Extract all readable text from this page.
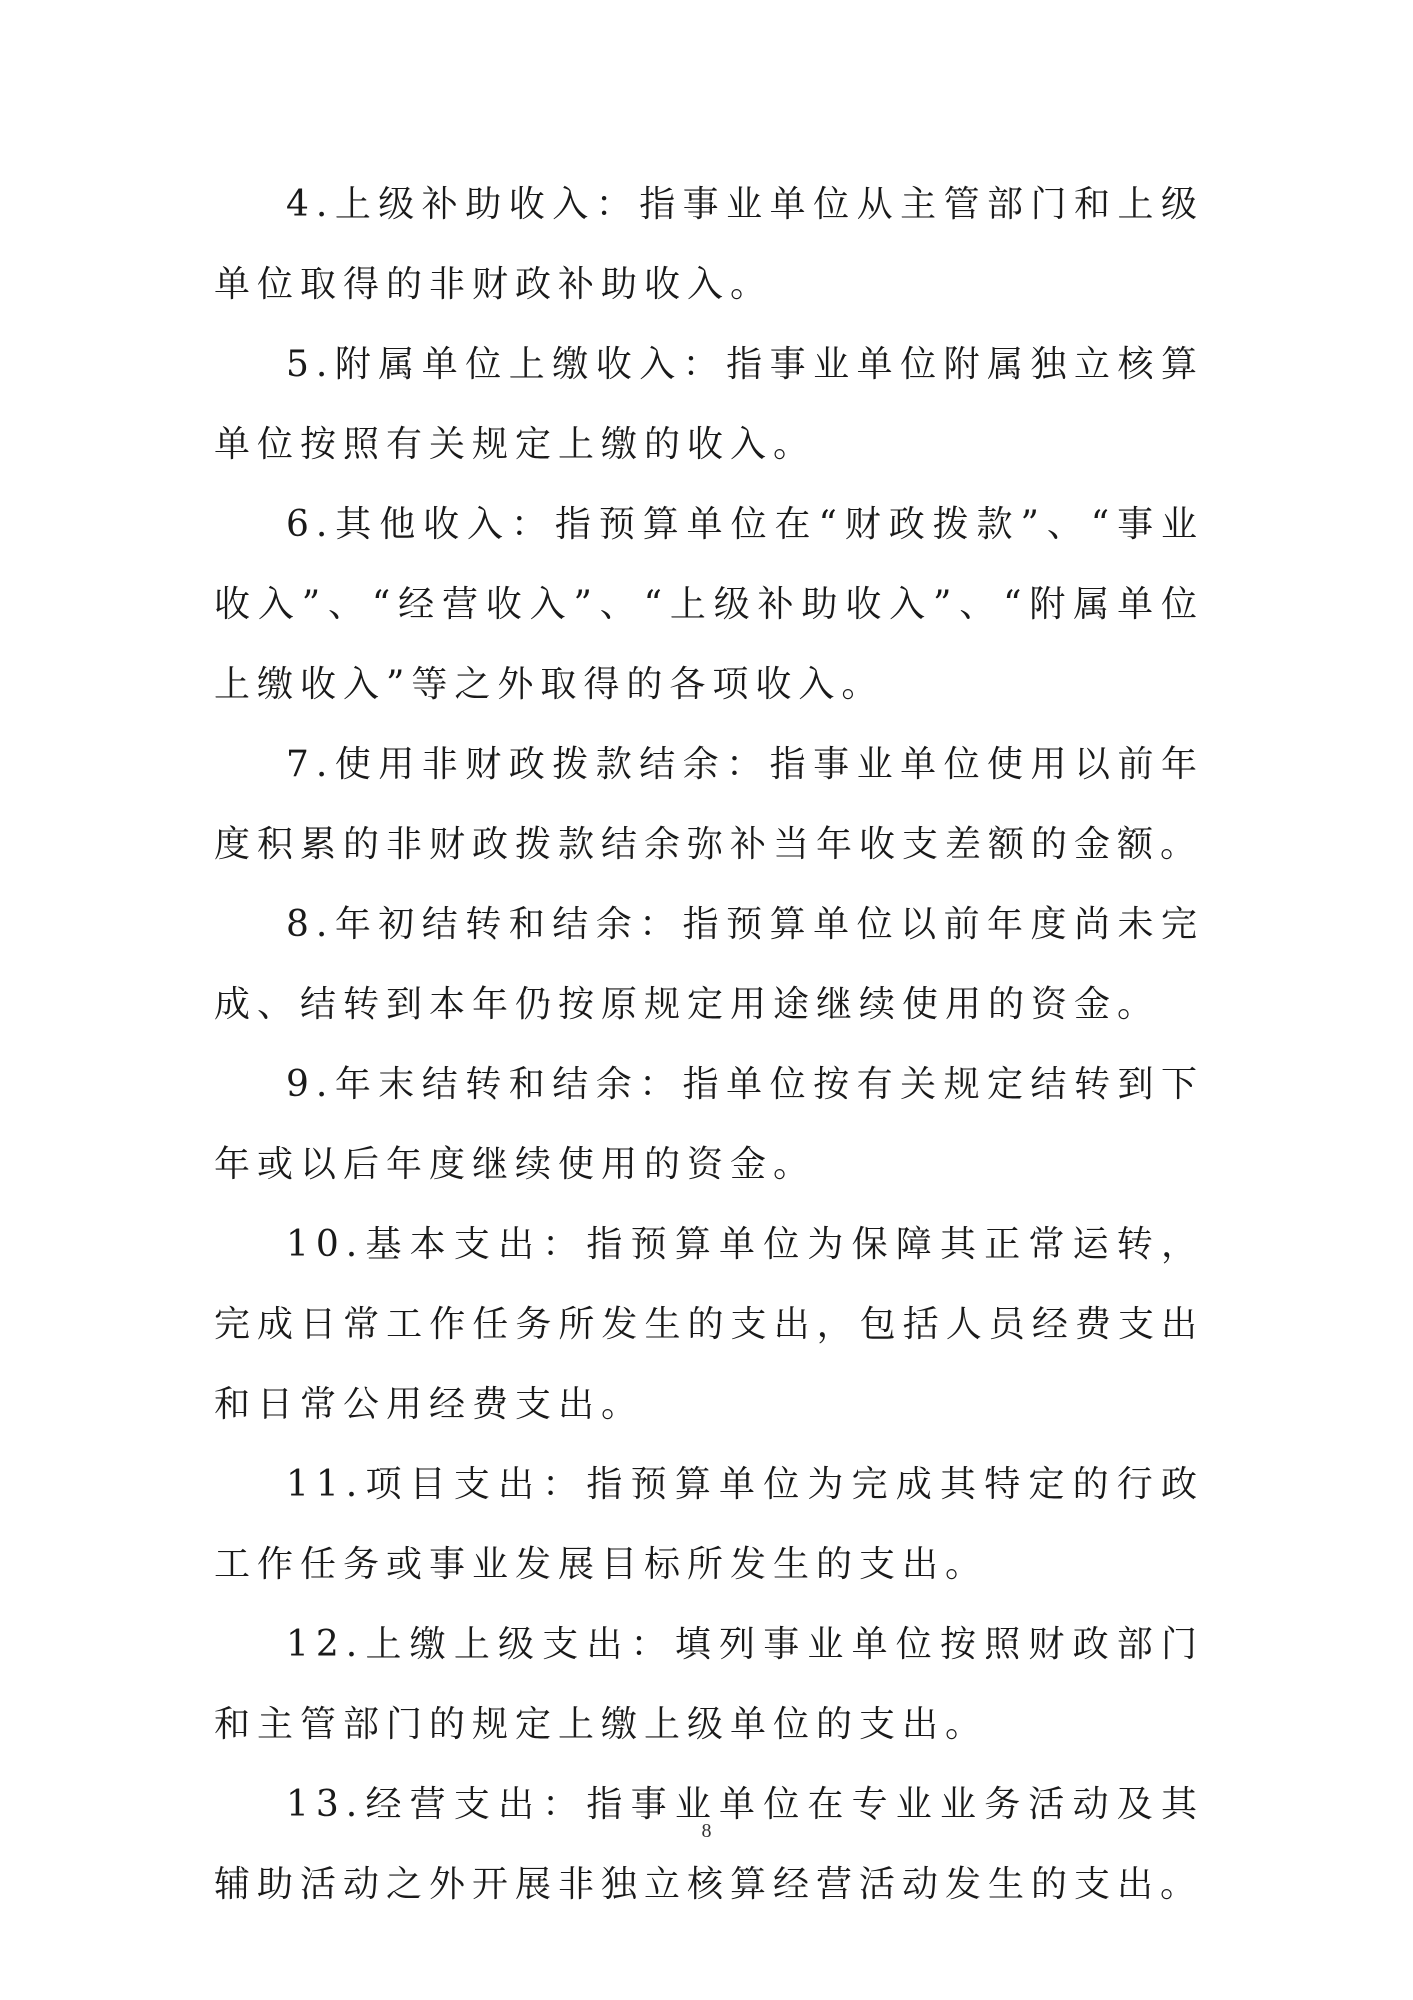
4.上级补助收入：指事业单位从主管部门和上级单位取得的非财政补助收入。

5.附属单位上缴收入：指事业单位附属独立核算单位按照有关规定上缴的收入。

6.其他收入：指预算单位在“财政拨款”、“事业收入”、“经营收入”、“上级补助收入”、“附属单位上缴收入”等之外取得的各项收入。

7.使用非财政拨款结余：指事业单位使用以前年度积累的非财政拨款结余弥补当年收支差额的金额。

8.年初结转和结余：指预算单位以前年度尚未完成、结转到本年仍按原规定用途继续使用的资金。

9.年末结转和结余：指单位按有关规定结转到下年或以后年度继续使用的资金。

10.基本支出：指预算单位为保障其正常运转，完成日常工作任务所发生的支出，包括人员经费支出和日常公用经费支出。

11.项目支出：指预算单位为完成其特定的行政工作任务或事业发展目标所发生的支出。

12.上缴上级支出：填列事业单位按照财政部门和主管部门的规定上缴上级单位的支出。

13.经营支出：指事业单位在专业业务活动及其辅助活动之外开展非独立核算经营活动发生的支出。

8
